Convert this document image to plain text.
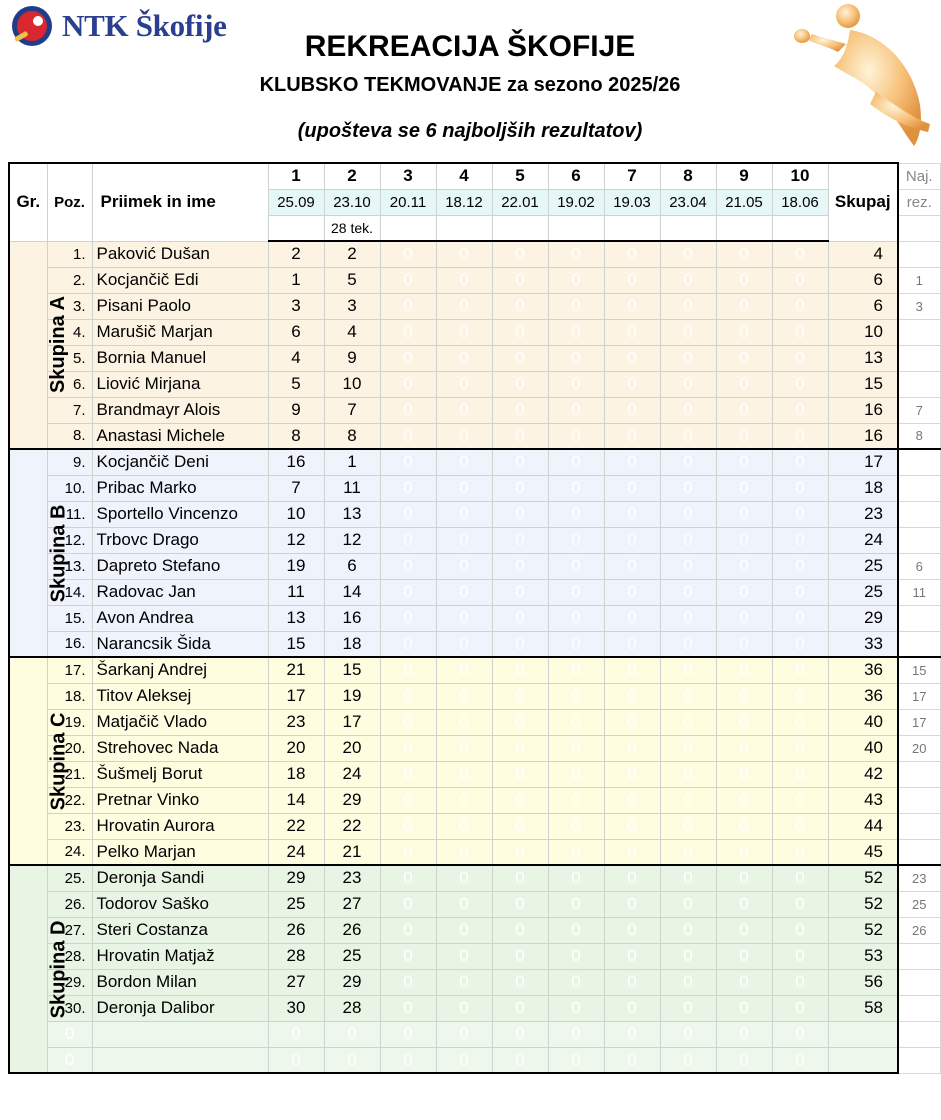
NTK Škofije
REKREACIJA ŠKOFIJE
KLUBSKO TEKMOVANJE za sezono 2025/26
(upošteva se 6 najboljših rezultatov)
Gr.	Poz.	Priimek in ime	1	2	3	4	5	6	7	8	9	10	Skupaj	Naj.
			25.09	23.10	20.11	18.12	22.01	19.02	19.03	23.04	21.05	18.06		rez.
				28 tek.										
Skupina A	1.	Paković Dušan	2	2	0	0	0	0	0	0	0	0	4	
	2.	Kocjančič Edi	1	5	0	0	0	0	0	0	0	0	6	1
	3.	Pisani Paolo	3	3	0	0	0	0	0	0	0	0	6	3
	4.	Marušič Marjan	6	4	0	0	0	0	0	0	0	0	10	
	5.	Bornia Manuel	4	9	0	0	0	0	0	0	0	0	13	
	6.	Liović Mirjana	5	10	0	0	0	0	0	0	0	0	15	
	7.	Brandmayr Alois	9	7	0	0	0	0	0	0	0	0	16	7
	8.	Anastasi Michele	8	8	0	0	0	0	0	0	0	0	16	8
Skupina B	9.	Kocjančič Deni	16	1	0	0	0	0	0	0	0	0	17	
	10.	Pribac Marko	7	11	0	0	0	0	0	0	0	0	18	
	11.	Sportello Vincenzo	10	13	0	0	0	0	0	0	0	0	23	
	12.	Trbovc Drago	12	12	0	0	0	0	0	0	0	0	24	
	13.	Dapreto Stefano	19	6	0	0	0	0	0	0	0	0	25	6
	14.	Radovac Jan	11	14	0	0	0	0	0	0	0	0	25	11
	15.	Avon Andrea	13	16	0	0	0	0	0	0	0	0	29	
	16.	Narancsik Šida	15	18	0	0	0	0	0	0	0	0	33	
Skupina C	17.	Šarkanj Andrej	21	15	0	0	0	0	0	0	0	0	36	15
	18.	Titov Aleksej	17	19	0	0	0	0	0	0	0	0	36	17
	19.	Matjačič Vlado	23	17	0	0	0	0	0	0	0	0	40	17
	20.	Strehovec Nada	20	20	0	0	0	0	0	0	0	0	40	20
	21.	Šušmelj Borut	18	24	0	0	0	0	0	0	0	0	42	
	22.	Pretnar Vinko	14	29	0	0	0	0	0	0	0	0	43	
	23.	Hrovatin Aurora	22	22	0	0	0	0	0	0	0	0	44	
	24.	Pelko Marjan	24	21	0	0	0	0	0	0	0	0	45	
Skupina D	25.	Deronja Sandi	29	23	0	0	0	0	0	0	0	0	52	23
	26.	Todorov Saško	25	27	0	0	0	0	0	0	0	0	52	25
	27.	Steri Costanza	26	26	0	0	0	0	0	0	0	0	52	26
	28.	Hrovatin Matjaž	28	25	0	0	0	0	0	0	0	0	53	
	29.	Bordon Milan	27	29	0	0	0	0	0	0	0	0	56	
	30.	Deronja Dalibor	30	28	0	0	0	0	0	0	0	0	58	
	0		0	0	0	0	0	0	0	0	0	0		
	0		0	0	0	0	0	0	0	0	0	0		
